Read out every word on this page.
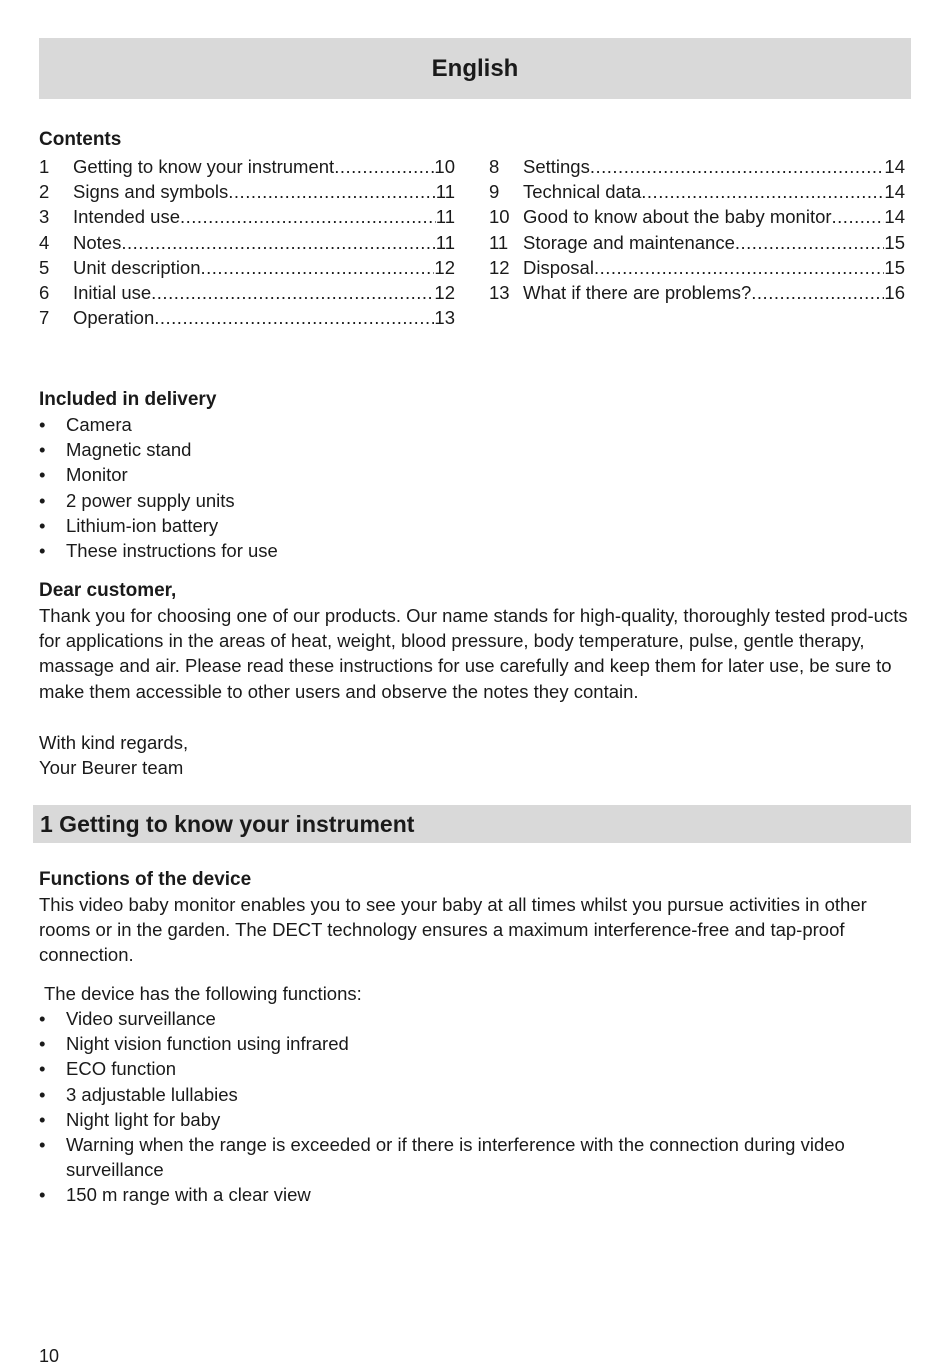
English
Contents
1	Getting to know your instrument .....	10
2	Signs and symbols .....	11
3	Intended use .....	11
4	Notes .....	11
5	Unit description .....	12
6	Initial use .....	12
7	Operation .....	13
8	Settings .....	14
9	Technical data .....	14
10 Good to know about the baby monitor .....	14
11 Storage and maintenance .....	15
12 Disposal .....	15
13 What if there are problems? .....	16
Included in delivery
• Camera
• Magnetic stand
• Monitor
• 2 power supply units
• Lithium-ion battery
• These instructions for use
Dear customer,
Thank you for choosing one of our products. Our name stands for high-quality, thoroughly tested prod-ucts for applications in the areas of heat, weight, blood pressure, body temperature, pulse, gentle therapy, massage and air. Please read these instructions for use carefully and keep them for later use, be sure to make them accessible to other users and observe the notes they contain.
With kind regards,
Your Beurer team
1 Getting to know your instrument
Functions of the device
This video baby monitor enables you to see your baby at all times whilst you pursue activities in other rooms or in the garden. The DECT technology ensures a maximum interference-free and tap-proof connection.
The device has the following functions:
• Video surveillance
• Night vision function using infrared
• ECO function
• 3 adjustable lullabies
• Night light for baby
• Warning when the range is exceeded or if there is interference with the connection during video surveillance
• 150 m range with a clear view
10
